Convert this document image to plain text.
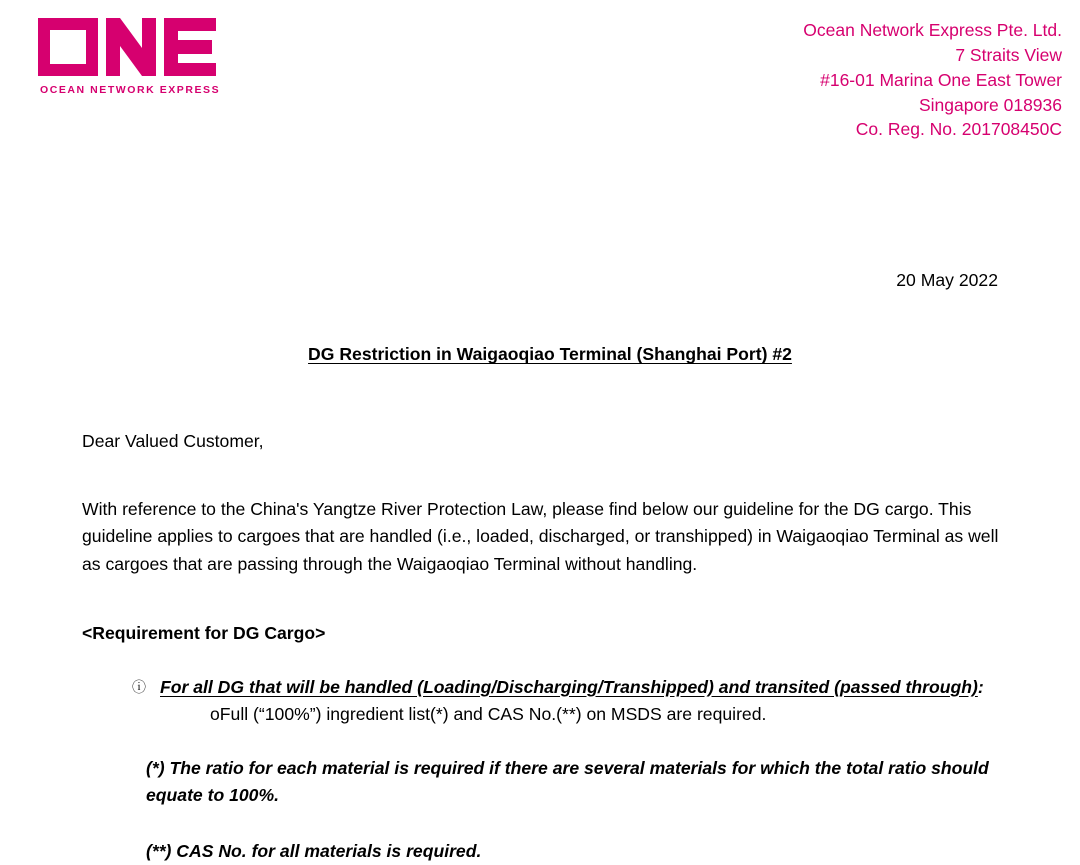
OCEAN NETWORK EXPRESS
Ocean Network Express Pte. Ltd.
7 Straits View
#16-01 Marina One East Tower
Singapore 018936
Co. Reg. No. 201708450C
20 May 2022
DG Restriction in Waigaoqiao Terminal (Shanghai Port) #2
Dear Valued Customer,
With reference to the China's Yangtze River Protection Law, please find below our guideline for the DG cargo. This guideline applies to cargoes that are handled (i.e., loaded, discharged, or transhipped) in Waigaoqiao Terminal as well as cargoes that are passing through the Waigaoqiao Terminal without handling.
<Requirement for DG Cargo>
ⓘ For all DG that will be handled (Loading/Discharging/Transhipped) and transited (passed through):
oFull (“100%”) ingredient list(*) and CAS No.(**) on MSDS are required.
(*) The ratio for each material is required if there are several materials for which the total ratio should equate to 100%.
(**) CAS No. for all materials is required.
